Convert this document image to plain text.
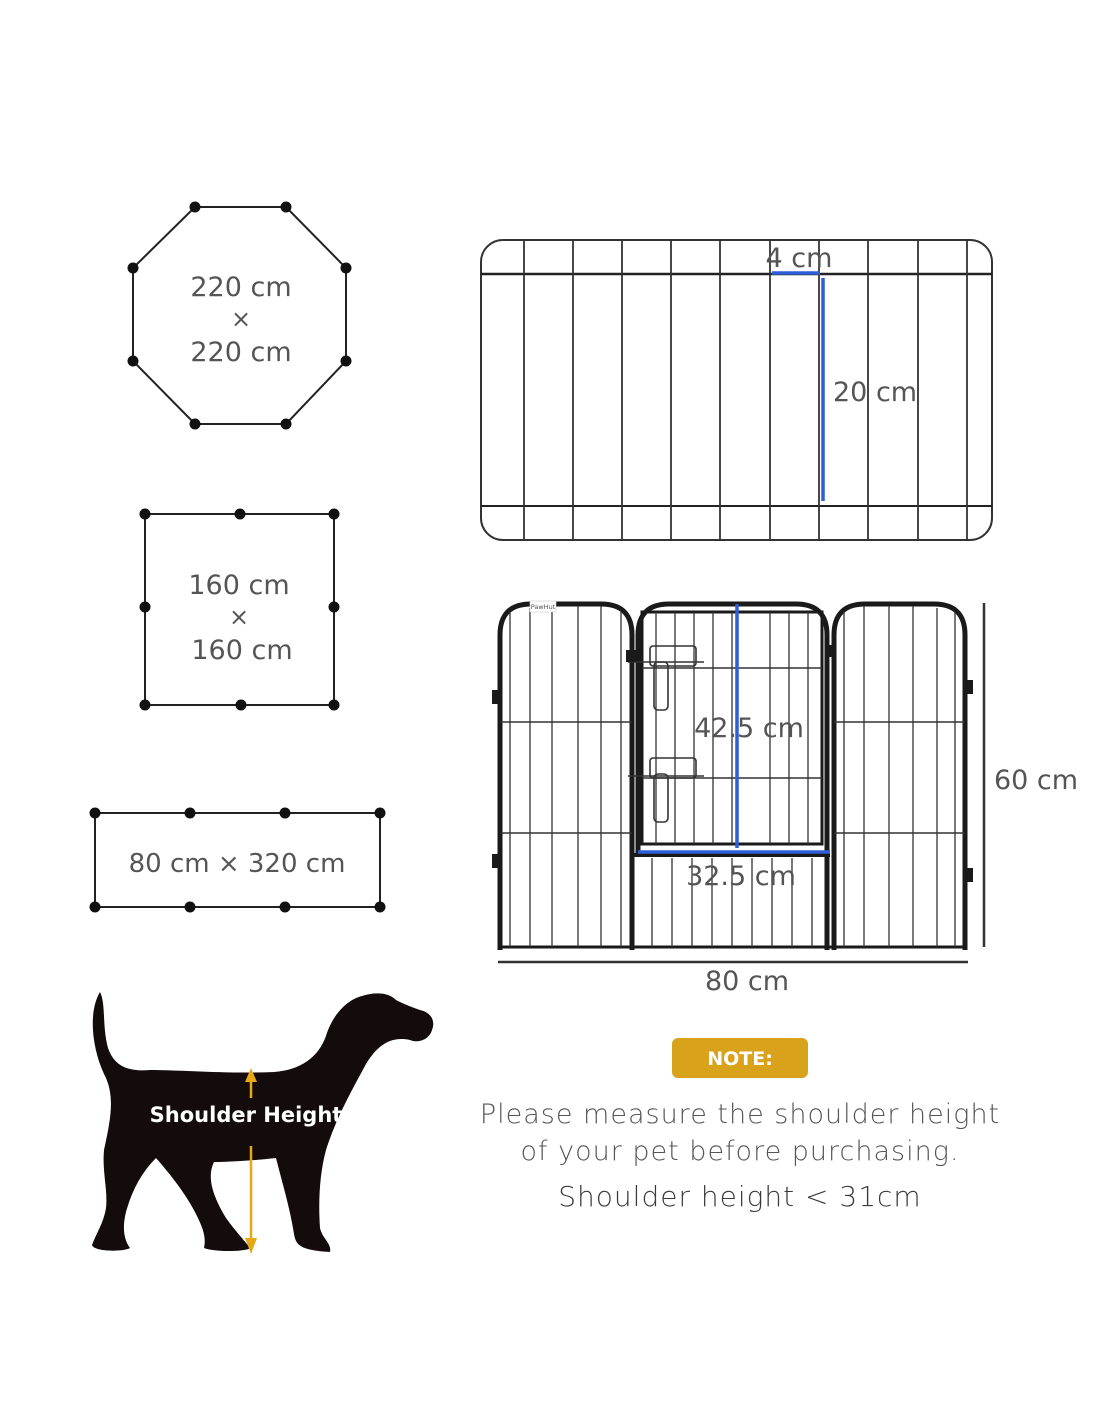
220 cm
×
220 cm
160 cm
×
160 cm
80 cm × 320 cm
4 cm
20 cm
PawHut
42.5 cm
32.5 cm
60 cm
80 cm
Shoulder Height
NOTE:
Please measure the shoulder height
of your pet before purchasing.
Shoulder height < 31cm
